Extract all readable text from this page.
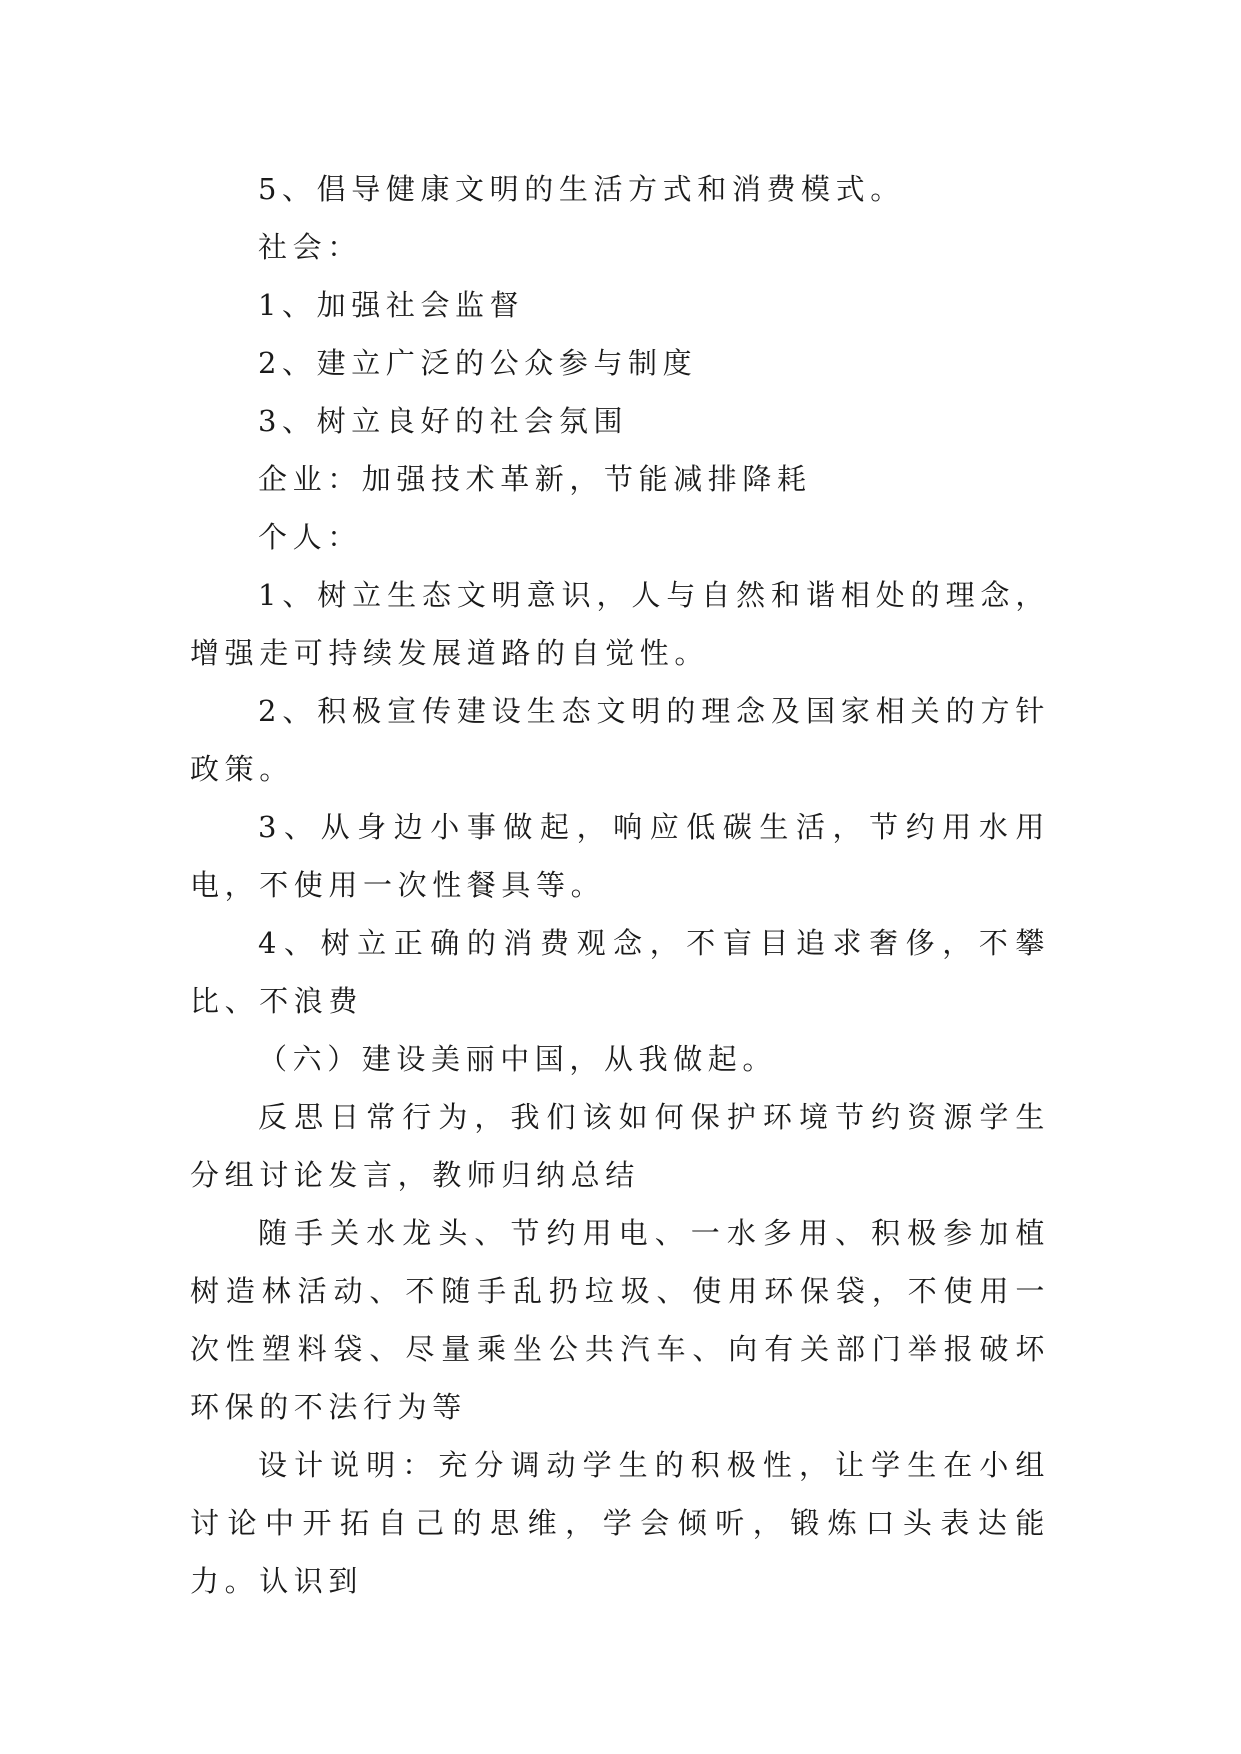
5、倡导健康文明的生活方式和消费模式。

社会：

1、加强社会监督

2、建立广泛的公众参与制度

3、树立良好的社会氛围

企业：加强技术革新，节能减排降耗

个人：

1、树立生态文明意识，人与自然和谐相处的理念，增强走可持续发展道路的自觉性。

2、积极宣传建设生态文明的理念及国家相关的方针政策。

3、从身边小事做起，响应低碳生活，节约用水用电，不使用一次性餐具等。

4、树立正确的消费观念，不盲目追求奢侈，不攀比、不浪费

（六）建设美丽中国，从我做起。

反思日常行为，我们该如何保护环境节约资源学生分组讨论发言，教师归纳总结

随手关水龙头、节约用电、一水多用、积极参加植树造林活动、不随手乱扔垃圾、使用环保袋，不使用一次性塑料袋、尽量乘坐公共汽车、向有关部门举报破坏环保的不法行为等

设计说明：充分调动学生的积极性，让学生在小组讨论中开拓自己的思维，学会倾听，锻炼口头表达能力。认识到
